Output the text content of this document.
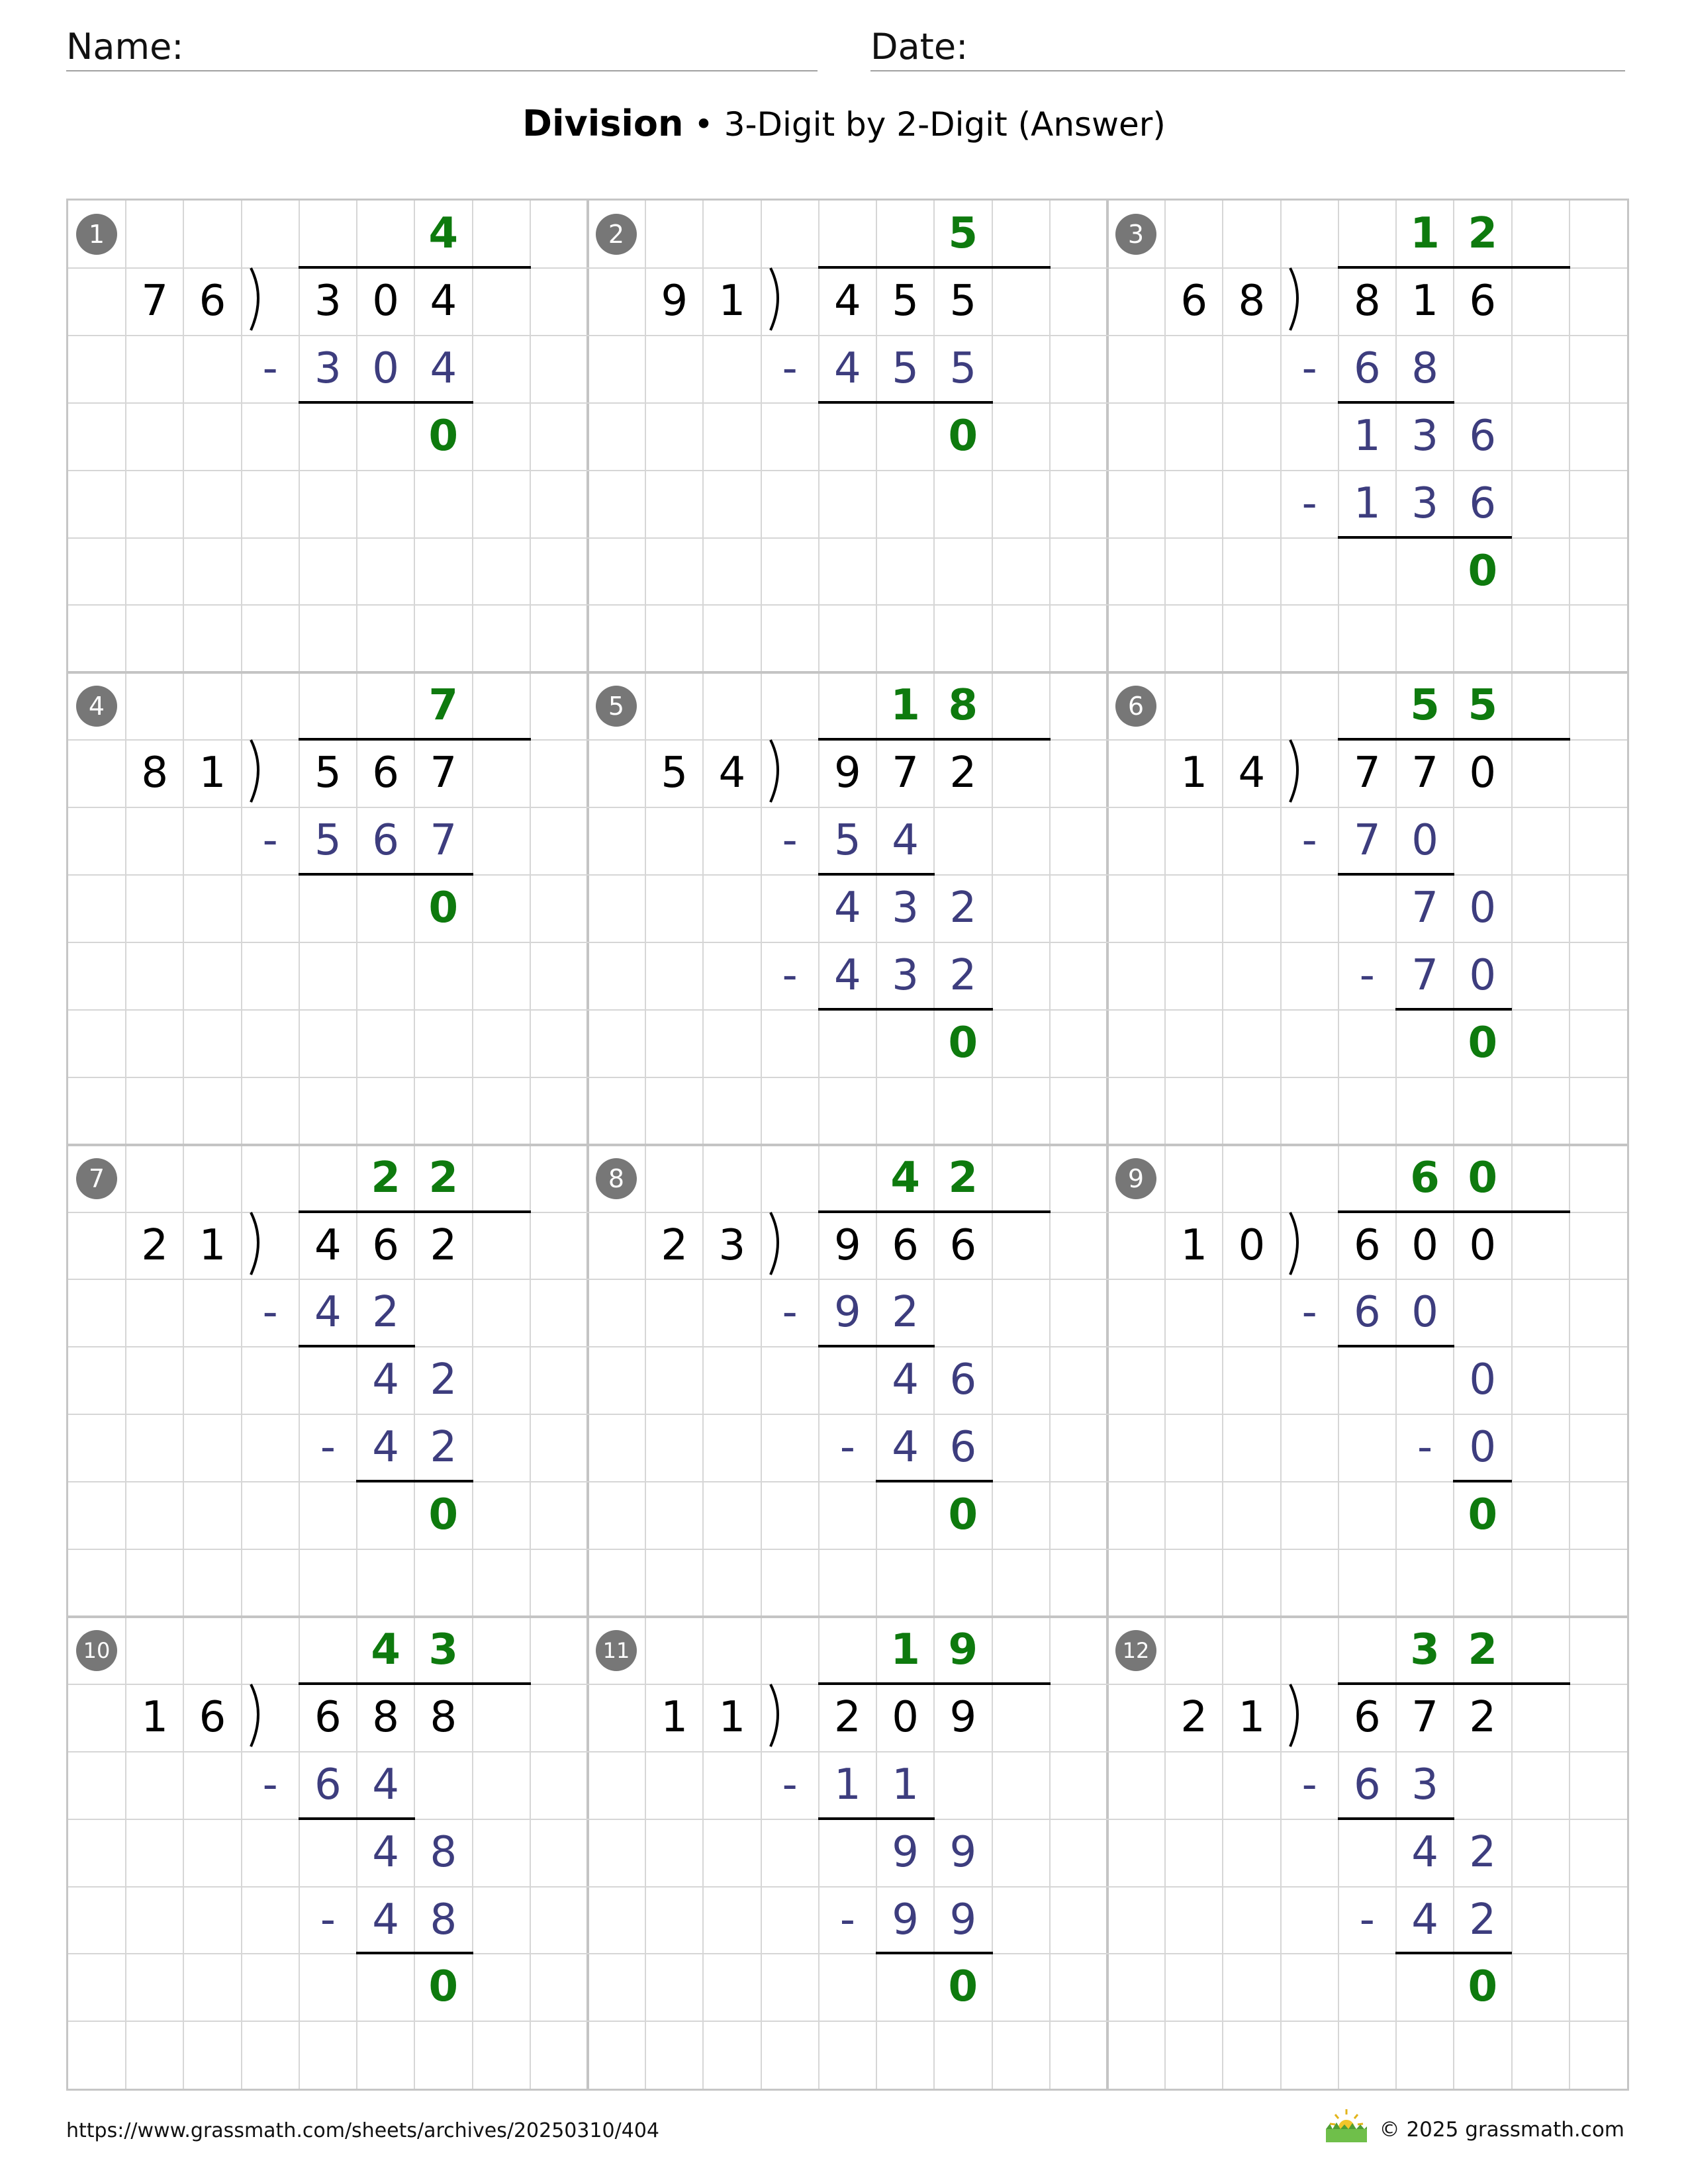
Name:	Date:
Division • 3-Digit by 2-Digit (Answer)
1	4
7 6	3 0 4
- 3 0 4
0
2	5
9 1	4 5 5
- 4 5 5
0
3	1 2
6 8	8 1 6
- 6 8
1 3 6
- 1 3 6
0
4	7
8 1	5 6 7
- 5 6 7
0
5	1 8
5 4	9 7 2
- 5 4
4 3 2
- 4 3 2
0
6	5 5
1 4	7 7 0
- 7 0
7 0
- 7 0
0
7	2 2
2 1	4 6 2
- 4 2
4 2
- 4 2
0
8	4 2
2 3	9 6 6
- 9 2
4 6
- 4 6
0
9	6 0
1 0	6 0 0
- 6 0
0
- 0
0
10	4 3
1 6	6 8 8
- 6 4
4 8
- 4 8
0
11	1 9
1 1	2 0 9
- 1 1
9 9
- 9 9
0
12	3 2
2 1	6 7 2
- 6 3
4 2
- 4 2
0
https://www.grassmath.com/sheets/archives/20250310/404	© 2025 grassmath.com
